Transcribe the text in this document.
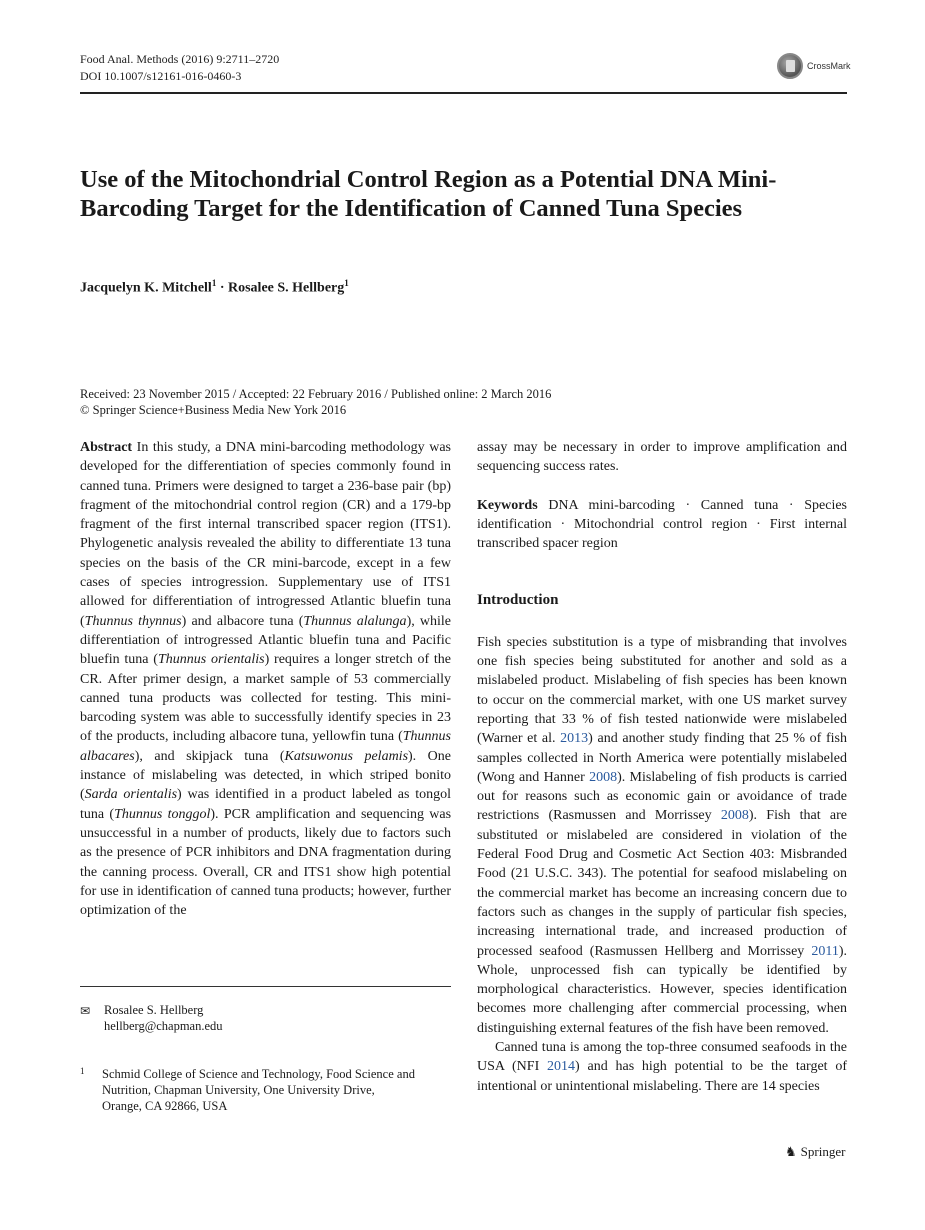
Food Anal. Methods (2016) 9:2711–2720
DOI 10.1007/s12161-016-0460-3
CrossMark
Use of the Mitochondrial Control Region as a Potential DNA Mini-Barcoding Target for the Identification of Canned Tuna Species
Jacquelyn K. Mitchell$^1$ · Rosalee S. Hellberg$^1$
Received: 23 November 2015 / Accepted: 22 February 2016 / Published online: 2 March 2016
© Springer Science+Business Media New York 2016

Abstract In this study, a DNA mini-barcoding methodology was developed for the differentiation of species commonly found in canned tuna. Primers were designed to target a 236-base pair (bp) fragment of the mitochondrial control region (CR) and a 179-bp fragment of the first internal transcribed spacer region (ITS1). Phylogenetic analysis revealed the ability to differentiate 13 tuna species on the basis of the CR mini-barcode, except in a few cases of species introgression. Supplementary use of ITS1 allowed for differentiation of introgressed Atlantic bluefin tuna (Thunnus thynnus) and albacore tuna (Thunnus alalunga), while differentiation of introgressed Atlantic bluefin tuna and Pacific bluefin tuna (Thunnus orientalis) requires a longer stretch of the CR. After primer design, a market sample of 53 commercially canned tuna products was collected for testing. This mini-barcoding system was able to successfully identify species in 23 of the products, including albacore tuna, yellowfin tuna (Thunnus albacares), and skipjack tuna (Katsuwonus pelamis). One instance of mislabeling was detected, in which striped bonito (Sarda orientalis) was identified in a product labeled as tongol tuna (Thunnus tonggol). PCR amplification and sequencing was unsuccessful in a number of products, likely due to factors such as the presence of PCR inhibitors and DNA fragmentation during the canning process. Overall, CR and ITS1 show high potential for use in identification of canned tuna products; however, further optimization of the

✉ Rosalee S. Hellberg
hellberg@chapman.edu
1 Schmid College of Science and Technology, Food Science and
Nutrition, Chapman University, One University Drive,
Orange, CA 92866, USA

assay may be necessary in order to improve amplification and sequencing success rates.

Keywords DNA mini-barcoding · Canned tuna · Species identification · Mitochondrial control region · First internal transcribed spacer region

Introduction

Fish species substitution is a type of misbranding that involves one fish species being substituted for another and sold as a mislabeled product. Mislabeling of fish species has been known to occur on the commercial market, with one US market survey reporting that 33 % of fish tested nationwide were mislabeled (Warner et al. 2013) and another study finding that 25 % of fish samples collected in North America were potentially mislabeled (Wong and Hanner 2008). Mislabeling of fish products is carried out for reasons such as economic gain or avoidance of trade restrictions (Rasmussen and Morrissey 2008). Fish that are substituted or mislabeled are considered in violation of the Federal Food Drug and Cosmetic Act Section 403: Misbranded Food (21 U.S.C. 343). The potential for seafood mislabeling on the commercial market has become an increasing concern due to factors such as changes in the supply of particular fish species, increasing international trade, and increased production of processed seafood (Rasmussen Hellberg and Morrissey 2011). Whole, unprocessed fish can typically be identified by morphological characteristics. However, species identification becomes more challenging after commercial processing, when distinguishing external features of the fish have been removed.

Canned tuna is among the top-three consumed seafoods in the USA (NFI 2014) and has high potential to be the target of intentional or unintentional mislabeling. There are 14 species

♞ Springer
